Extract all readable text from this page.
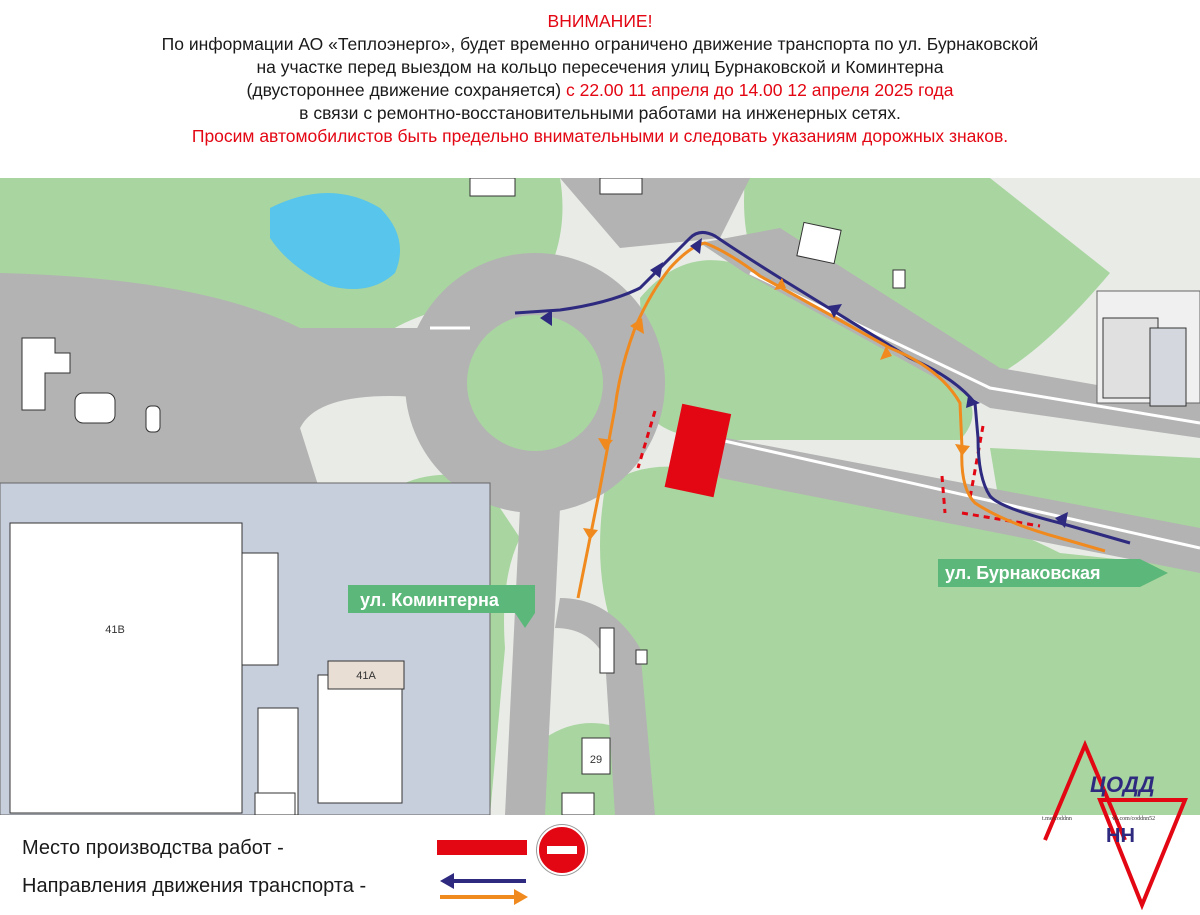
ВНИМАНИЕ!
По информации АО «Теплоэнерго», будет временно ограничено движение транспорта по ул. Бурнаковской
на участке перед выездом на кольцо пересечения улиц Бурнаковской и Коминтерна
(двустороннее движение сохраняется) с 22.00 11 апреля до 14.00 12 апреля 2025 года
в связи с ремонтно-восстановительными работами на инженерных сетях.
Просим автомобилистов быть предельно внимательными и следовать указаниям дорожных знаков.
41В
41А
29
ул. Коминтерна
ул. Бурнаковская
Место производства работ -
Направления движения транспорта -
ЦОДД
НН
t.me/coddnn	vk.com/coddnn52
